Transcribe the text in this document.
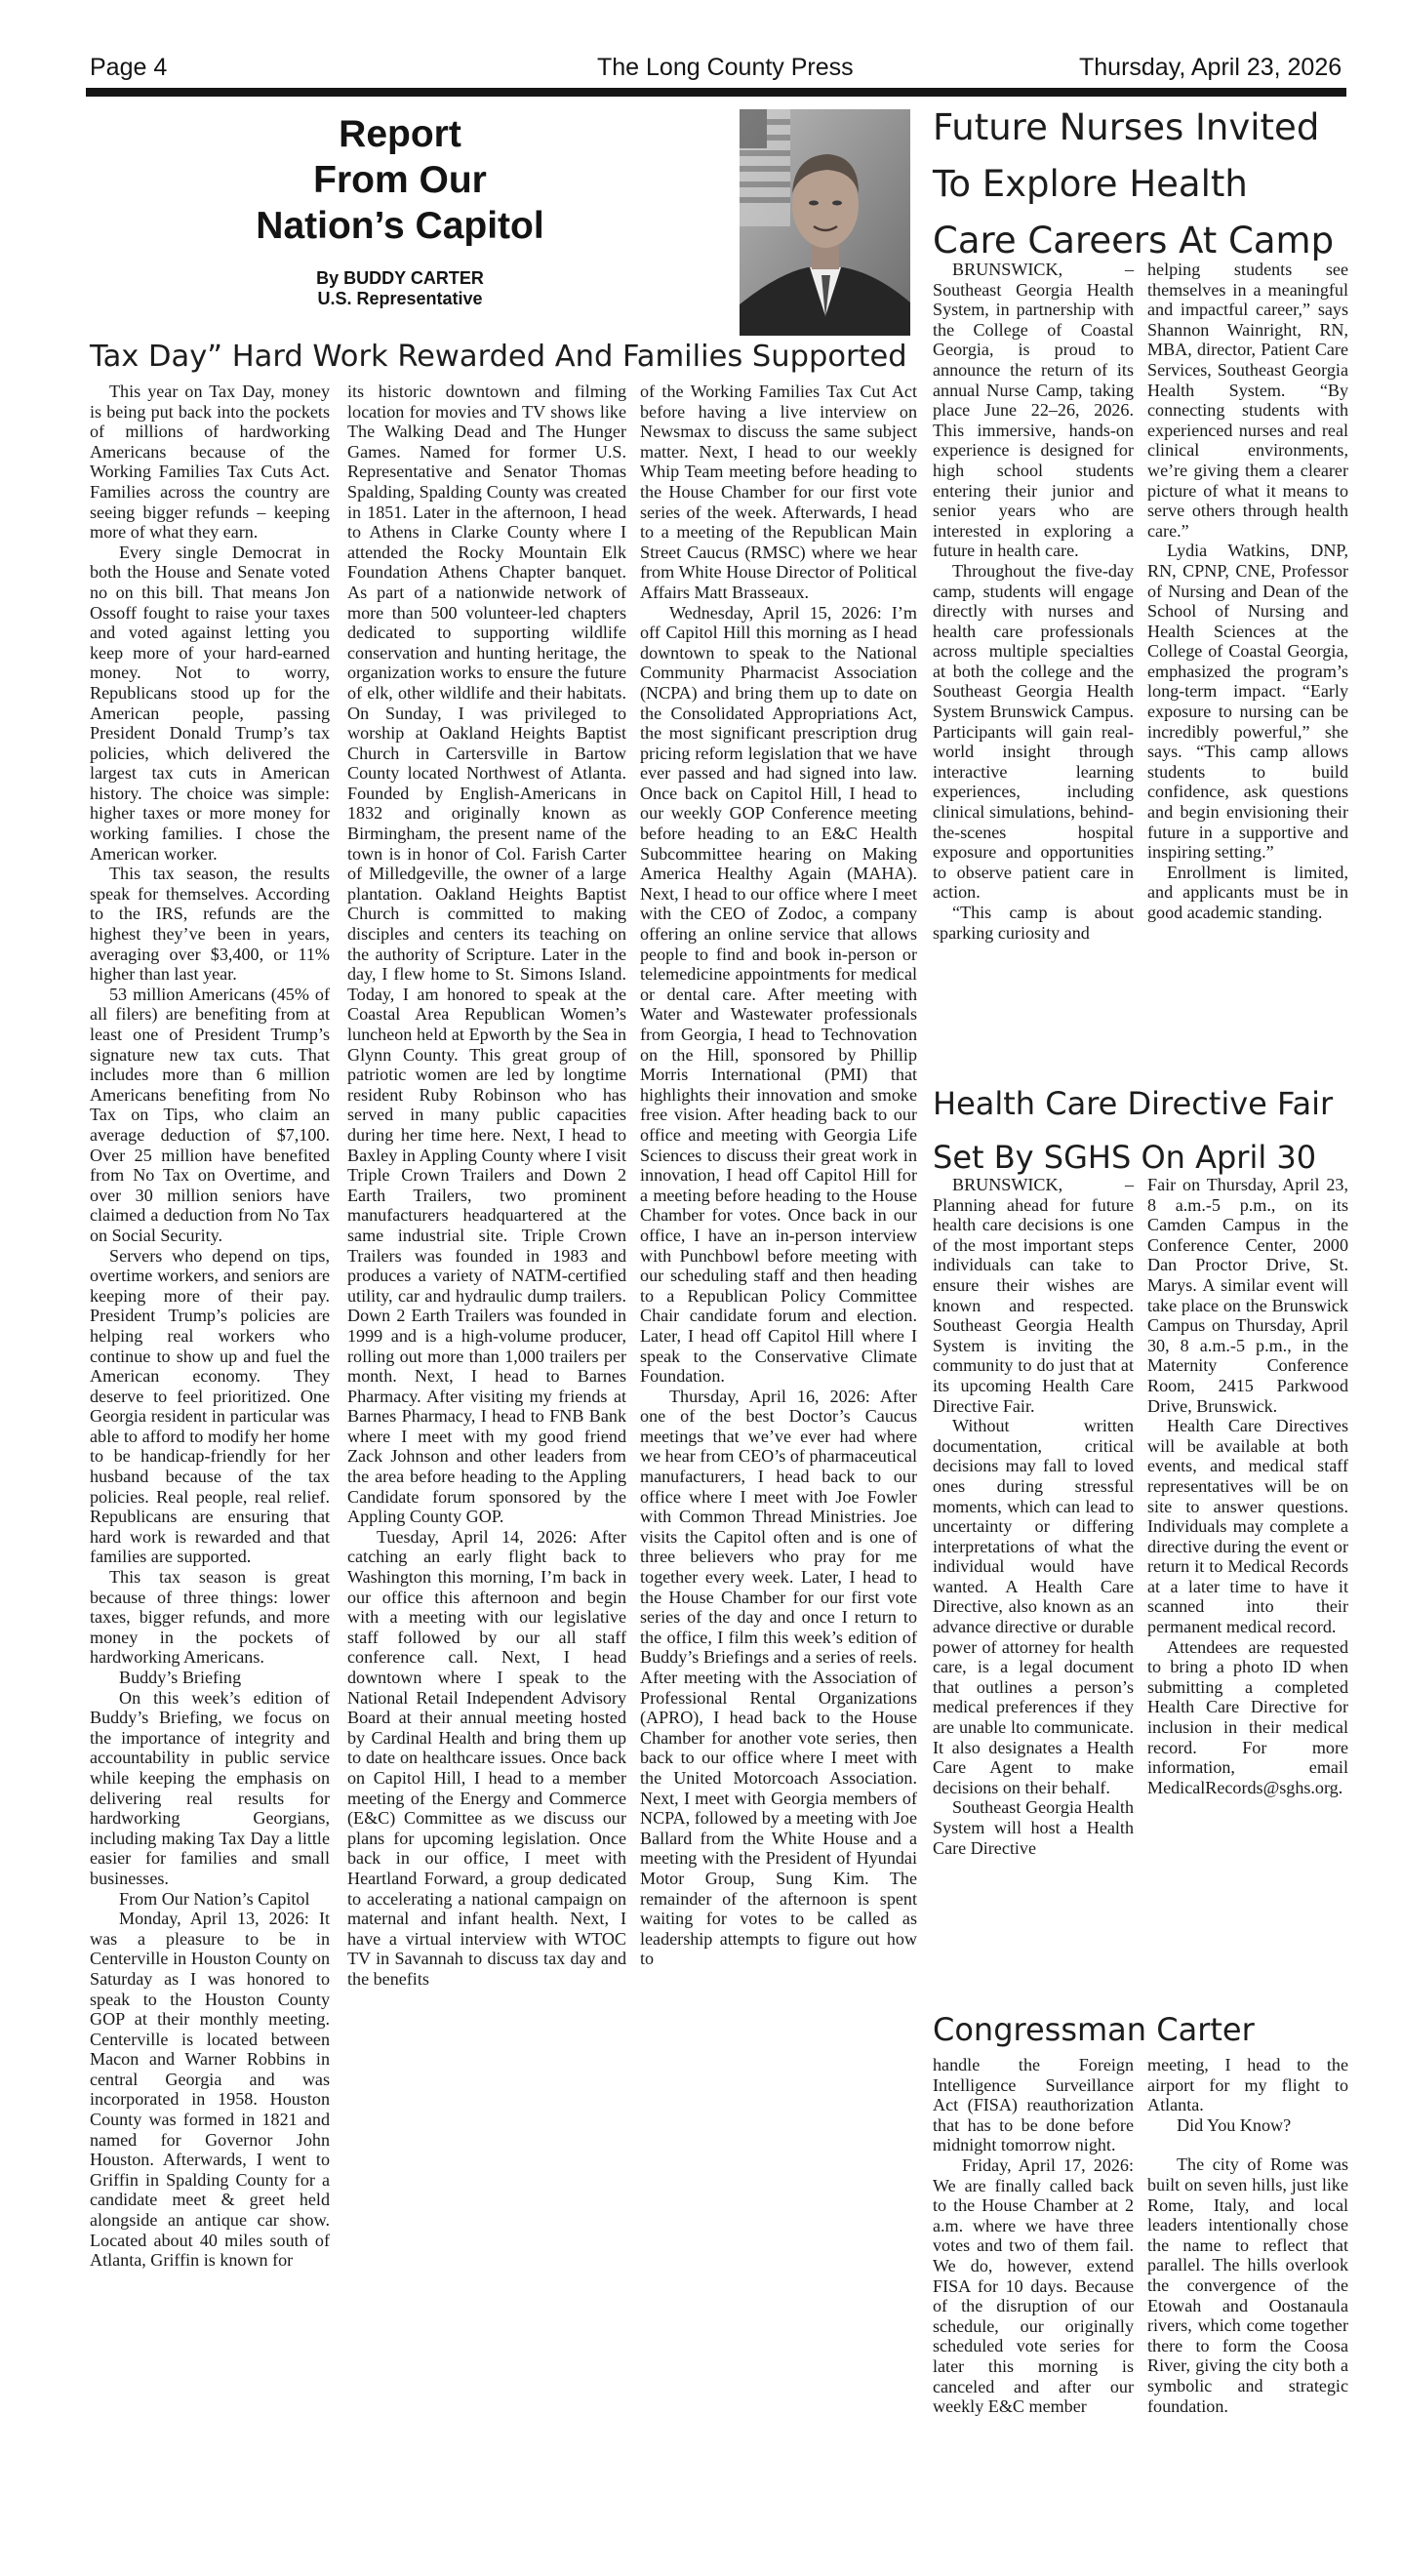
Page 4	The Long County Press	Thursday, April 23, 2026
Report
From Our
Nation’s Capitol
By BUDDY CARTER
U.S. Representative
Tax Day” Hard Work Rewarded And Families Supported

This year on Tax Day, money is being put back into the pockets of millions of hardworking Americans because of the Working Families Tax Cuts Act. Families across the country are seeing bigger refunds – keeping more of what they earn.

Every single Democrat in both the House and Senate voted no on this bill. That means Jon Ossoff fought to raise your taxes and voted against letting you keep more of your hard-earned money. Not to worry, Republicans stood up for the American people, passing President Donald Trump’s tax policies, which delivered the largest tax cuts in American history. The choice was simple: higher taxes or more money for working families. I chose the American worker.

This tax season, the results speak for themselves. According to the IRS, refunds are the highest they’ve been in years, averaging over $3,400, or 11% higher than last year.

53 million Americans (45% of all filers) are benefiting from at least one of President Trump’s signature new tax cuts. That includes more than 6 million Americans benefiting from No Tax on Tips, who claim an average deduction of $7,100. Over 25 million have benefited from No Tax on Overtime, and over 30 million seniors have claimed a deduction from No Tax on Social Security.

Servers who depend on tips, overtime workers, and seniors are keeping more of their pay. President Trump’s policies are helping real workers who continue to show up and fuel the American economy. They deserve to feel prioritized. One Georgia resident in particular was able to afford to modify her home to be handicap-friendly for her husband because of the tax policies. Real people, real relief. Republicans are ensuring that hard work is rewarded and that families are supported.

This tax season is great because of three things: lower taxes, bigger refunds, and more money in the pockets of hardworking Americans.

Buddy’s Briefing

On this week’s edition of Buddy’s Briefing, we focus on the importance of integrity and accountability in public service while keeping the emphasis on delivering real results for hardworking Georgians, including making Tax Day a little easier for families and small businesses.

From Our Nation’s Capitol

Monday, April 13, 2026: It was a pleasure to be in Centerville in Houston County on Saturday as I was honored to speak to the Houston County GOP at their monthly meeting. Centerville is located between Macon and Warner Robbins in central Georgia and was incorporated in 1958. Houston County was formed in 1821 and named for Governor John Houston. Afterwards, I went to Griffin in Spalding County for a candidate meet & greet held alongside an antique car show. Located about 40 miles south of Atlanta, Griffin is known for

its historic downtown and filming location for movies and TV shows like The Walking Dead and The Hunger Games. Named for former U.S. Representative and Senator Thomas Spalding, Spalding County was created in 1851. Later in the afternoon, I head to Athens in Clarke County where I attended the Rocky Mountain Elk Foundation Athens Chapter banquet. As part of a nationwide network of more than 500 volunteer-led chapters dedicated to supporting wildlife conservation and hunting heritage, the organization works to ensure the future of elk, other wildlife and their habitats. On Sunday, I was privileged to worship at Oakland Heights Baptist Church in Cartersville in Bartow County located Northwest of Atlanta. Founded by English-Americans in 1832 and originally known as Birmingham, the present name of the town is in honor of Col. Farish Carter of Milledgeville, the owner of a large plantation. Oakland Heights Baptist Church is committed to making disciples and centers its teaching on the authority of Scripture. Later in the day, I flew home to St. Simons Island. Today, I am honored to speak at the Coastal Area Republican Women’s luncheon held at Epworth by the Sea in Glynn County. This great group of patriotic women are led by longtime resident Ruby Robinson who has served in many public capacities during her time here. Next, I head to Baxley in Appling County where I visit Triple Crown Trailers and Down 2 Earth Trailers, two prominent manufacturers headquartered at the same industrial site. Triple Crown Trailers was founded in 1983 and produces a variety of NATM-certified utility, car and hydraulic dump trailers. Down 2 Earth Trailers was founded in 1999 and is a high-volume producer, rolling out more than 1,000 trailers per month. Next, I head to Barnes Pharmacy. After visiting my friends at Barnes Pharmacy, I head to FNB Bank where I meet with my good friend Zack Johnson and other leaders from the area before heading to the Appling Candidate forum sponsored by the Appling County GOP.

Tuesday, April 14, 2026: After catching an early flight back to Washington this morning, I’m back in our office this afternoon and begin with a meeting with our legislative staff followed by our all staff conference call. Next, I head downtown where I speak to the National Retail Independent Advisory Board at their annual meeting hosted by Cardinal Health and bring them up to date on healthcare issues. Once back on Capitol Hill, I head to a member meeting of the Energy and Commerce (E&C) Committee as we discuss our plans for upcoming legislation. Once back in our office, I meet with Heartland Forward, a group dedicated to accelerating a national campaign on maternal and infant health. Next, I have a virtual interview with WTOC TV in Savannah to discuss tax day and the benefits

of the Working Families Tax Cut Act before having a live interview on Newsmax to discuss the same subject matter. Next, I head to our weekly Whip Team meeting before heading to the House Chamber for our first vote series of the week. Afterwards, I head to a meeting of the Republican Main Street Caucus (RMSC) where we hear from White House Director of Political Affairs Matt Brasseaux.

Wednesday, April 15, 2026: I’m off Capitol Hill this morning as I head downtown to speak to the National Community Pharmacist Association (NCPA) and bring them up to date on the Consolidated Appropriations Act, the most significant prescription drug pricing reform legislation that we have ever passed and had signed into law. Once back on Capitol Hill, I head to our weekly GOP Conference meeting before heading to an E&C Health Subcommittee hearing on Making America Healthy Again (MAHA). Next, I head to our office where I meet with the CEO of Zodoc, a company offering an online service that allows people to find and book in-person or telemedicine appointments for medical or dental care. After meeting with Water and Wastewater professionals from Georgia, I head to Technovation on the Hill, sponsored by Phillip Morris International (PMI) that highlights their innovation and smoke free vision. After heading back to our office and meeting with Georgia Life Sciences to discuss their great work in innovation, I head off Capitol Hill for a meeting before heading to the House Chamber for votes. Once back in our office, I have an in-person interview with Punchbowl before meeting with our scheduling staff and then heading to a Republican Policy Committee Chair candidate forum and election. Later, I head off Capitol Hill where I speak to the Conservative Climate Foundation.

Thursday, April 16, 2026: After one of the best Doctor’s Caucus meetings that we’ve ever had where we hear from CEO’s of pharmaceutical manufacturers, I head back to our office where I meet with Joe Fowler with Common Thread Ministries. Joe visits the Capitol often and is one of three believers who pray for me together every week. Later, I head to the House Chamber for our first vote series of the day and once I return to the office, I film this week’s edition of Buddy’s Briefings and a series of reels. After meeting with the Association of Professional Rental Organizations (APRO), I head back to the House Chamber for another vote series, then back to our office where I meet with the United Motorcoach Association. Next, I meet with Georgia members of NCPA, followed by a meeting with Joe Ballard from the White House and a meeting with the President of Hyundai Motor Group, Sung Kim. The remainder of the afternoon is spent waiting for votes to be called as leadership attempts to figure out how to

Future Nurses Invited
To Explore Health
Care Careers At Camp

BRUNSWICK, – Southeast Georgia Health System, in partnership with the College of Coastal Georgia, is proud to announce the return of its annual Nurse Camp, taking place June 22–26, 2026. This immersive, hands-on experience is designed for high school students entering their junior and senior years who are interested in exploring a future in health care.

Throughout the five-day camp, students will engage directly with nurses and health care professionals across multiple specialties at both the college and the Southeast Georgia Health System Brunswick Campus. Participants will gain real-world insight through interactive learning experiences, including clinical simulations, behind-the-scenes hospital exposure and opportunities to observe patient care in action.

“This camp is about sparking curiosity and

helping students see themselves in a meaningful and impactful career,” says Shannon Wainright, RN, MBA, director, Patient Care Services, Southeast Georgia Health System. “By connecting students with experienced nurses and real clinical environments, we’re giving them a clearer picture of what it means to serve others through health care.”

Lydia Watkins, DNP, RN, CPNP, CNE, Professor of Nursing and Dean of the School of Nursing and Health Sciences at the College of Coastal Georgia, emphasized the program’s long-term impact. “Early exposure to nursing can be incredibly powerful,” she says. “This camp allows students to build confidence, ask questions and begin envisioning their future in a supportive and inspiring setting.”

Enrollment is limited, and applicants must be in good academic standing.

Health Care Directive Fair
Set By SGHS On April 30

BRUNSWICK, – Planning ahead for future health care decisions is one of the most important steps individuals can take to ensure their wishes are known and respected. Southeast Georgia Health System is inviting the community to do just that at its upcoming Health Care Directive Fair.

Without written documentation, critical decisions may fall to loved ones during stressful moments, which can lead to uncertainty or differing interpretations of what the individual would have wanted. A Health Care Directive, also known as an advance directive or durable power of attorney for health care, is a legal document that outlines a person’s medical preferences if they are unable lto communicate. It also designates a Health Care Agent to make decisions on their behalf.

Southeast Georgia Health System will host a Health Care Directive

Fair on Thursday, April 23, 8 a.m.-5 p.m., on its Camden Campus in the Conference Center, 2000 Dan Proctor Drive, St. Marys. A similar event will take place on the Brunswick Campus on Thursday, April 30, 8 a.m.-5 p.m., in the Maternity Conference Room, 2415 Parkwood Drive, Brunswick.

Health Care Directives will be available at both events, and medical staff representatives will be on site to answer questions. Individuals may complete a directive during the event or return it to Medical Records at a later time to have it scanned into their permanent medical record.

Attendees are requested to bring a photo ID when submitting a completed Health Care Directive for inclusion in their medical record. For more information, email MedicalRecords@sghs.org.

Congressman Carter

handle the Foreign Intelligence Surveillance Act (FISA) reauthorization that has to be done before midnight tomorrow night.

Friday, April 17, 2026: We are finally called back to the House Chamber at 2 a.m. where we have three votes and two of them fail. We do, however, extend FISA for 10 days. Because of the disruption of our schedule, our originally scheduled vote series for later this morning is canceled and after our weekly E&C member

meeting, I head to the airport for my flight to Atlanta.

Did You Know?

The city of Rome was built on seven hills, just like Rome, Italy, and local leaders intentionally chose the name to reflect that parallel. The hills overlook the convergence of the Etowah and Oostanaula rivers, which come together there to form the Coosa River, giving the city both a symbolic and strategic foundation.
